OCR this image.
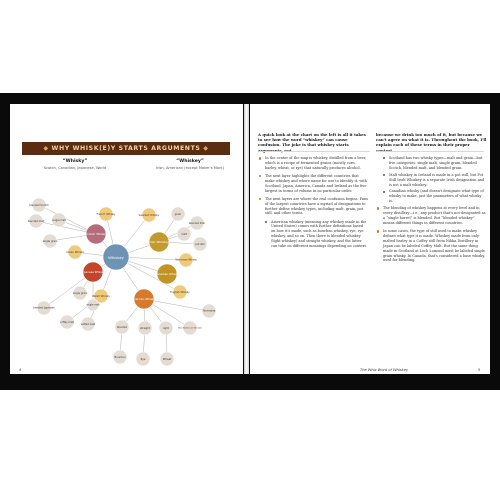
◆ WHY WHISK(E)Y STARTS ARGUMENTS ◆
“Whisky”
Scotch, Canadian, Japanese, World
“Whiskey”
Irish, American (except Maker's Mark)
Whiskey
Scotch Whisky
Irish Whiskey
Japanese Whisky
American Whiskey
Canadian Whisky
Indian Whisky
Welsh Whisky
French Whisky	Swedish Whisky
Taiwanese Whisky
English Whisky
blended Scotch
blended malt
single grain
single malt
grain
blended Irish
malt
pot still
single grain
single malt
blended Japanese
vatted malt
coffey malt
blended	straight	light
Bourbon
Rye	Wheat
Most Bottles are Blended
Tennessee
4
A quick look at the chart on the left is all it takes to see how the word “whiskey” can cause confusion. The joke is that whiskey starts arguments, not
because we drink too much of it, but because we can't agree on what it is. Throughout the book, I'll explain each of these terms in their proper context.

In the center of the map is whiskey, distilled from a beer, which is a recipe of fermented grains (mostly corn, barley, wheat, or rye) that naturally produces alcohol.

The next layer highlights the different countries that make whiskey and where name for use to identify it, with Scotland, Japan, America, Canada and Ireland as the five largest in terms of volume in no particular order.

The next layers are where the real confusion begins. Fans of the largest countries have a myriad of designations to further define whiskey types, including malt, grain, pot still, and other terms.

American whiskey (meaning any whiskey made in the United States) comes with further definitions based on how it's made, such as bourbon whiskey, rye, rye whiskey, and so on. Then there is blended whiskey (light whiskey) and straight whiskey, and the latter can take on different meanings depending on context.

Scotland has two whisky types—malt and grain—but five categories: single malt, single grain, blended Scotch, blended malt, and blended grain.

Malt whiskey in Ireland is made in a pot still, but Pot Still Irish Whiskey is a separate Irish designation and is not a malt whiskey.

Canadian whisky (and doesn't designate what type of whisky to make, just the parameters of what whisky is.

The blending of whiskey happens at every level and in every distillery—i.e., any product that's not designated as a “single barrel” is blended. But “blended whiskey” means different things in different countries.

In some cases, the type of still used to make whiskey defines what type it is made. Whiskey made from only malted barley in a Coffey still from Nikka Distillery in Japan can be labeled Coffey Malt. But the same thing made in Scotland at Loch Lomond must be labeled single grain whisky. In Canada, that's considered a base whisky, used for blending.

The Whiz Word of Whiskey	5
